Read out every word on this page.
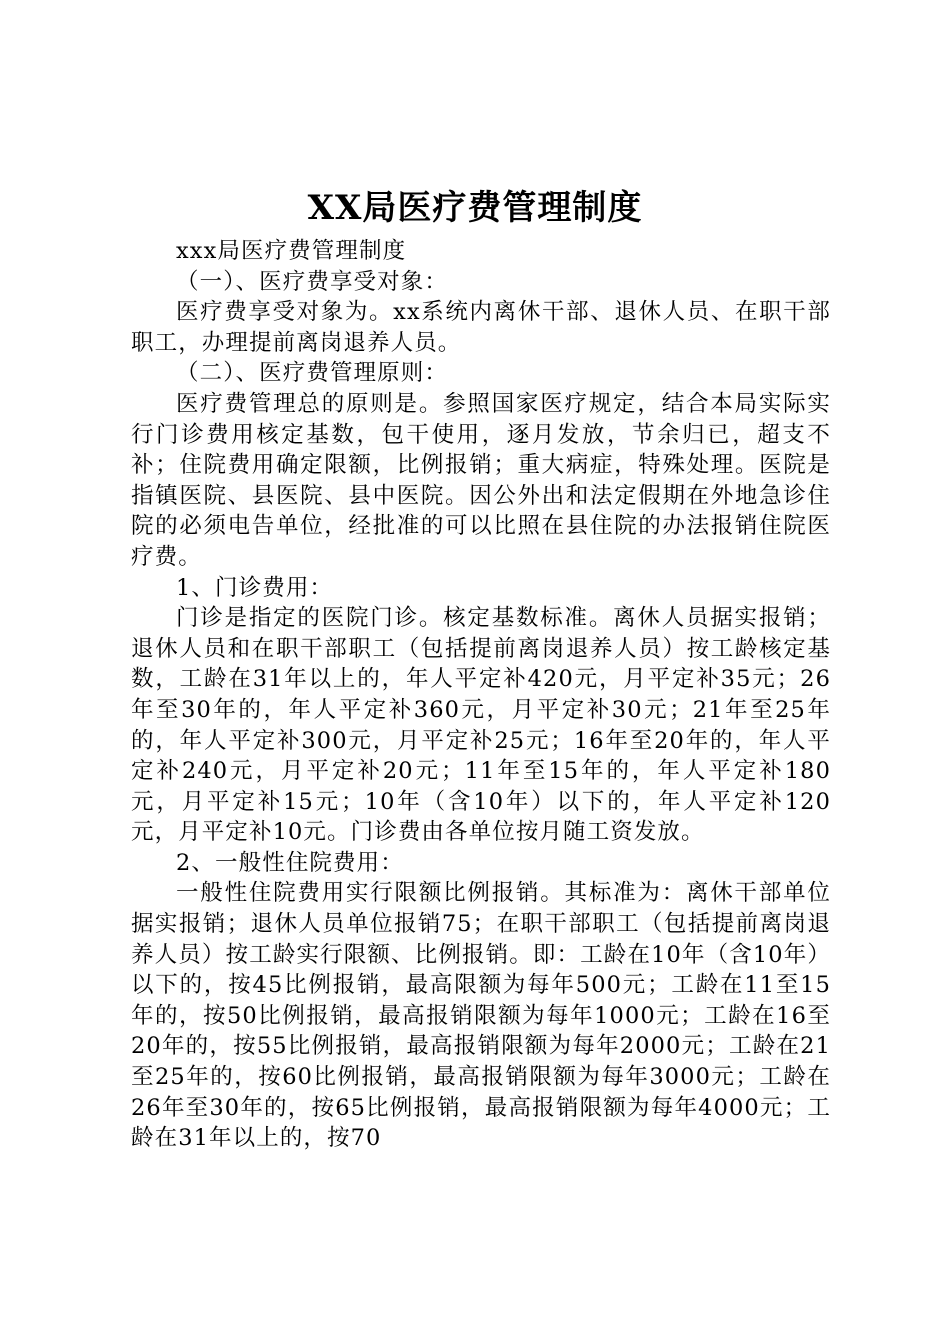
XX局医疗费管理制度

xxx局医疗费管理制度

（一）、医疗费享受对象：

医疗费享受对象为。xx系统内离休干部、退休人员、在职干部职工，办理提前离岗退养人员。

（二）、医疗费管理原则：

医疗费管理总的原则是。参照国家医疗规定，结合本局实际实行门诊费用核定基数，包干使用，逐月发放，节余归已，超支不补；住院费用确定限额，比例报销；重大病症，特殊处理。医院是指镇医院、县医院、县中医院。因公外出和法定假期在外地急诊住院的必须电告单位，经批准的可以比照在县住院的办法报销住院医疗费。

1、门诊费用：

门诊是指定的医院门诊。核定基数标准。离休人员据实报销；退休人员和在职干部职工（包括提前离岗退养人员）按工龄核定基数，工龄在31年以上的，年人平定补420元，月平定补35元；26年至30年的，年人平定补360元，月平定补30元；21年至25年的，年人平定补300元，月平定补25元；16年至20年的，年人平定补240元，月平定补20元；11年至15年的，年人平定补180元，月平定补15元；10年（含10年）以下的，年人平定补120元，月平定补10元。门诊费由各单位按月随工资发放。

2、一般性住院费用：

一般性住院费用实行限额比例报销。其标准为：离休干部单位据实报销；退休人员单位报销75；在职干部职工（包括提前离岗退养人员）按工龄实行限额、比例报销。即：工龄在10年（含10年）以下的，按45比例报销，最高限额为每年500元；工龄在11至15年的，按50比例报销，最高报销限额为每年1000元；工龄在16至20年的，按55比例报销，最高报销限额为每年2000元；工龄在21至25年的，按60比例报销，最高报销限额为每年3000元；工龄在26年至30年的，按65比例报销，最高报销限额为每年4000元；工龄在31年以上的，按70
